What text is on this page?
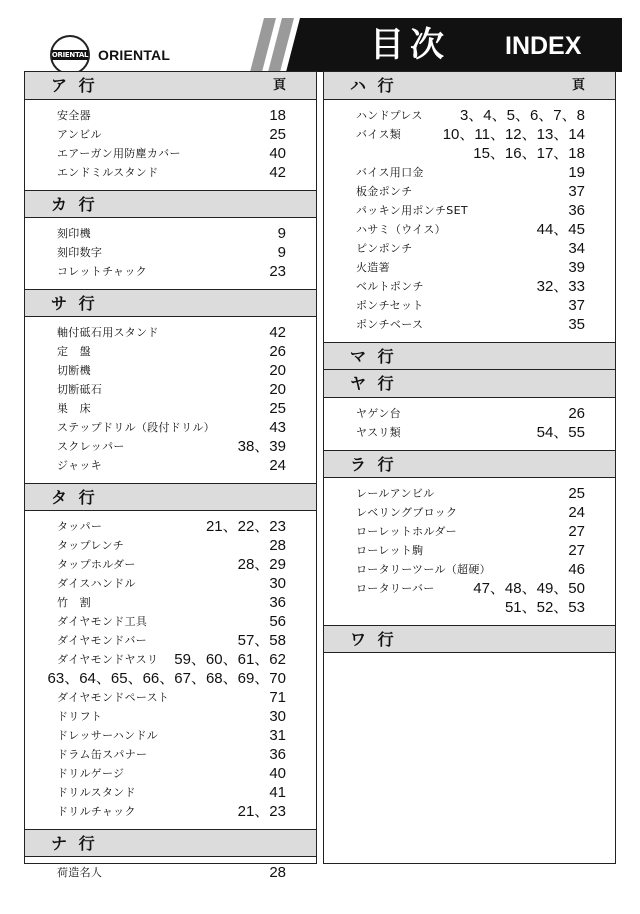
ORIENTAL ORIENTAL	目次 INDEX
ア 行	頁
安全器	18
アンビル	25
エアーガン用防塵カバー	40
エンドミルスタンド	42
カ 行
刻印機	9
刻印数字	9
コレットチャック	23
サ 行
軸付砥石用スタンド	42
定　盤	26
切断機	20
切断砥石	20
巣　床	25
ステップドリル（段付ドリル）	43
スクレッパー	38、39
ジャッキ	24
タ 行
タッパー	21、22、23
タップレンチ	28
タップホルダー	28、29
ダイスハンドル	30
竹　割	36
ダイヤモンド工具	56
ダイヤモンドバー	57、58
ダイヤモンドヤスリ 59、60、61、62
63、64、65、66、67、68、69、70
ダイヤモンドペースト	71
ドリフト	30
ドレッサーハンドル	31
ドラム缶スパナー	36
ドリルゲージ	40
ドリルスタンド	41
ドリルチャック	21、23
ナ 行
荷造名人	28
ハ 行	頁
ハンドプレス 3、4、5、6、7、8
バイス類	10、11、12、13、14
15、16、17、18
バイス用口金	19
板金ポンチ	37
パッキン用ポンチSET	36
ハサミ（ウイス）	44、45
ピンポンチ	34
火造箸	39
ベルトポンチ	32、33
ポンチセット	37
ポンチベース	35
マ 行
ヤ 行
ヤゲン台	26
ヤスリ類	54、55
ラ 行
レールアンビル	25
レベリングブロック	24
ローレットホルダー	27
ローレット駒	27
ロータリーツール（超硬）	46
ロータリーバー	47、48、49、50
51、52、53
ワ 行
